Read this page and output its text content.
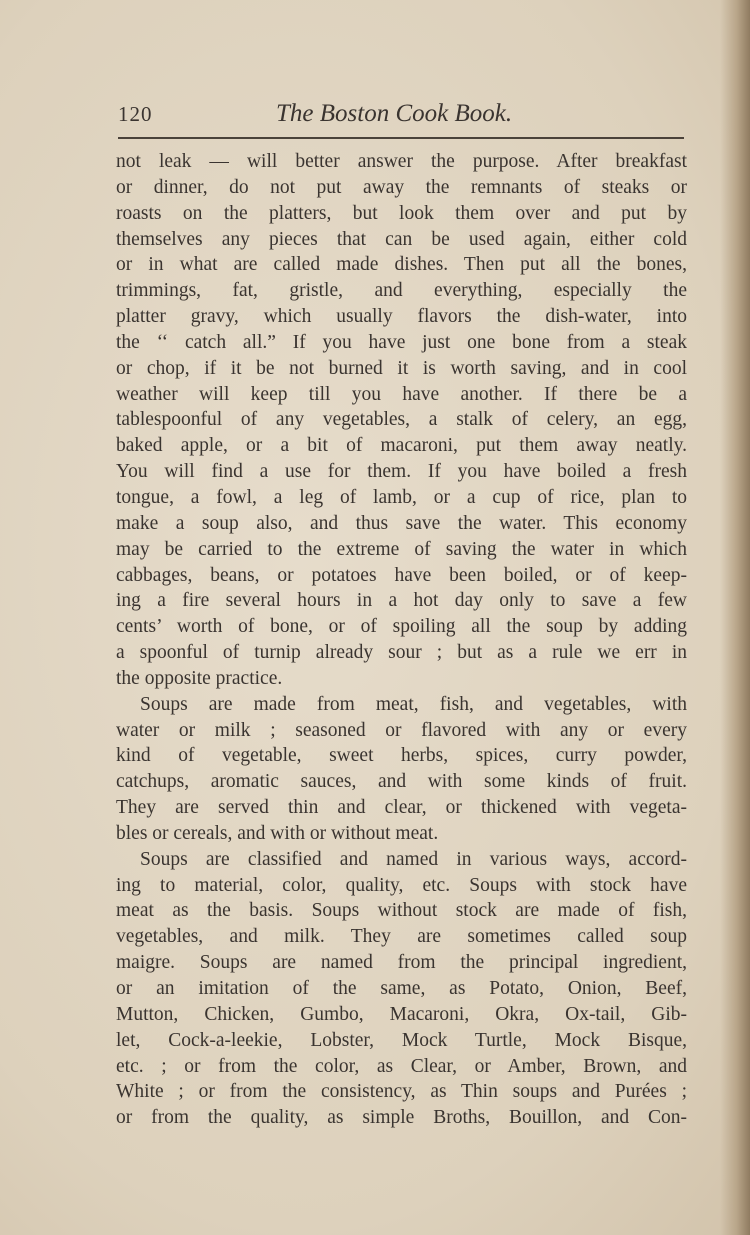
120	The Boston Cook Book.
not leak — will better answer the purpose. After breakfast
or dinner, do not put away the remnants of steaks or
roasts on the platters, but look them over and put by
themselves any pieces that can be used again, either cold
or in what are called made dishes. Then put all the bones,
trimmings, fat, gristle, and everything, especially the
platter gravy, which usually flavors the dish-water, into
the ‘‘ catch all.” If you have just one bone from a steak
or chop, if it be not burned it is worth saving, and in cool
weather will keep till you have another. If there be a
tablespoonful of any vegetables, a stalk of celery, an egg,
baked apple, or a bit of macaroni, put them away neatly.
You will find a use for them. If you have boiled a fresh
tongue, a fowl, a leg of lamb, or a cup of rice, plan to
make a soup also, and thus save the water. This economy
may be carried to the extreme of saving the water in which
cabbages, beans, or potatoes have been boiled, or of keep-
ing a fire several hours in a hot day only to save a few
cents’ worth of bone, or of spoiling all the soup by adding
a spoonful of turnip already sour ; but as a rule we err in
the opposite practice.
Soups are made from meat, fish, and vegetables, with
water or milk ; seasoned or flavored with any or every
kind of vegetable, sweet herbs, spices, curry powder,
catchups, aromatic sauces, and with some kinds of fruit.
They are served thin and clear, or thickened with vegeta-
bles or cereals, and with or without meat.
Soups are classified and named in various ways, accord-
ing to material, color, quality, etc. Soups with stock have
meat as the basis. Soups without stock are made of fish,
vegetables, and milk. They are sometimes called soup
maigre. Soups are named from the principal ingredient,
or an imitation of the same, as Potato, Onion, Beef,
Mutton, Chicken, Gumbo, Macaroni, Okra, Ox-tail, Gib-
let, Cock-a-leekie, Lobster, Mock Turtle, Mock Bisque,
etc. ; or from the color, as Clear, or Amber, Brown, and
White ; or from the consistency, as Thin soups and Purées ;
or from the quality, as simple Broths, Bouillon, and Con-
